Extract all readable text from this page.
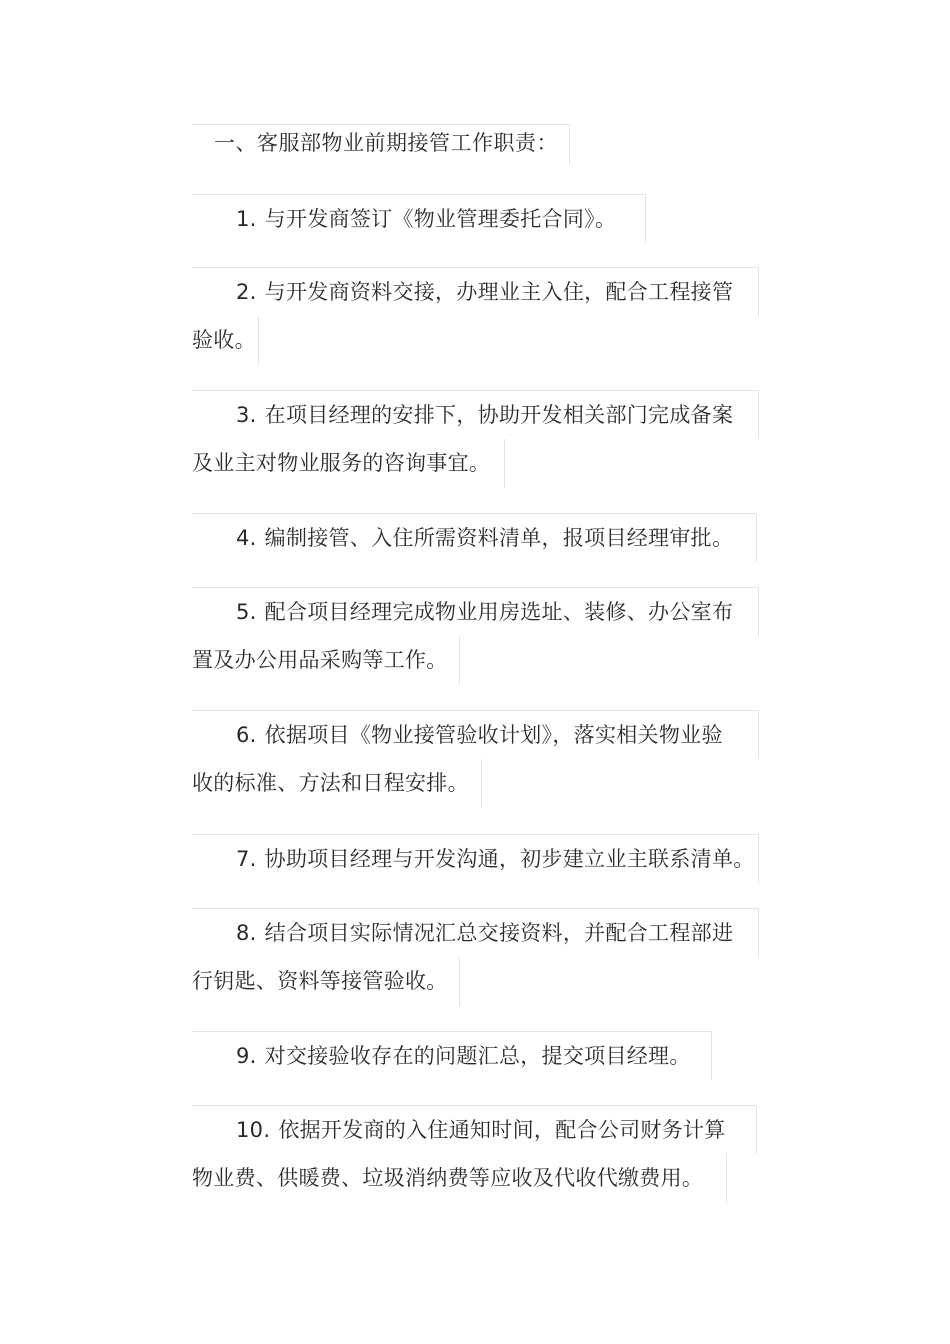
一、客服部物业前期接管工作职责：
1. 与开发商签订《物业管理委托合同》。
2. 与开发商资料交接，办理业主入住，配合工程接管
验收。
3. 在项目经理的安排下，协助开发相关部门完成备案
及业主对物业服务的咨询事宜。
4. 编制接管、入住所需资料清单，报项目经理审批。
5. 配合项目经理完成物业用房选址、装修、办公室布
置及办公用品采购等工作。
6. 依据项目《物业接管验收计划》，落实相关物业验
收的标准、方法和日程安排。
7. 协助项目经理与开发沟通，初步建立业主联系清单。
8. 结合项目实际情况汇总交接资料，并配合工程部进
行钥匙、资料等接管验收。
9. 对交接验收存在的问题汇总，提交项目经理。
10. 依据开发商的入住通知时间，配合公司财务计算
物业费、供暖费、垃圾消纳费等应收及代收代缴费用。
